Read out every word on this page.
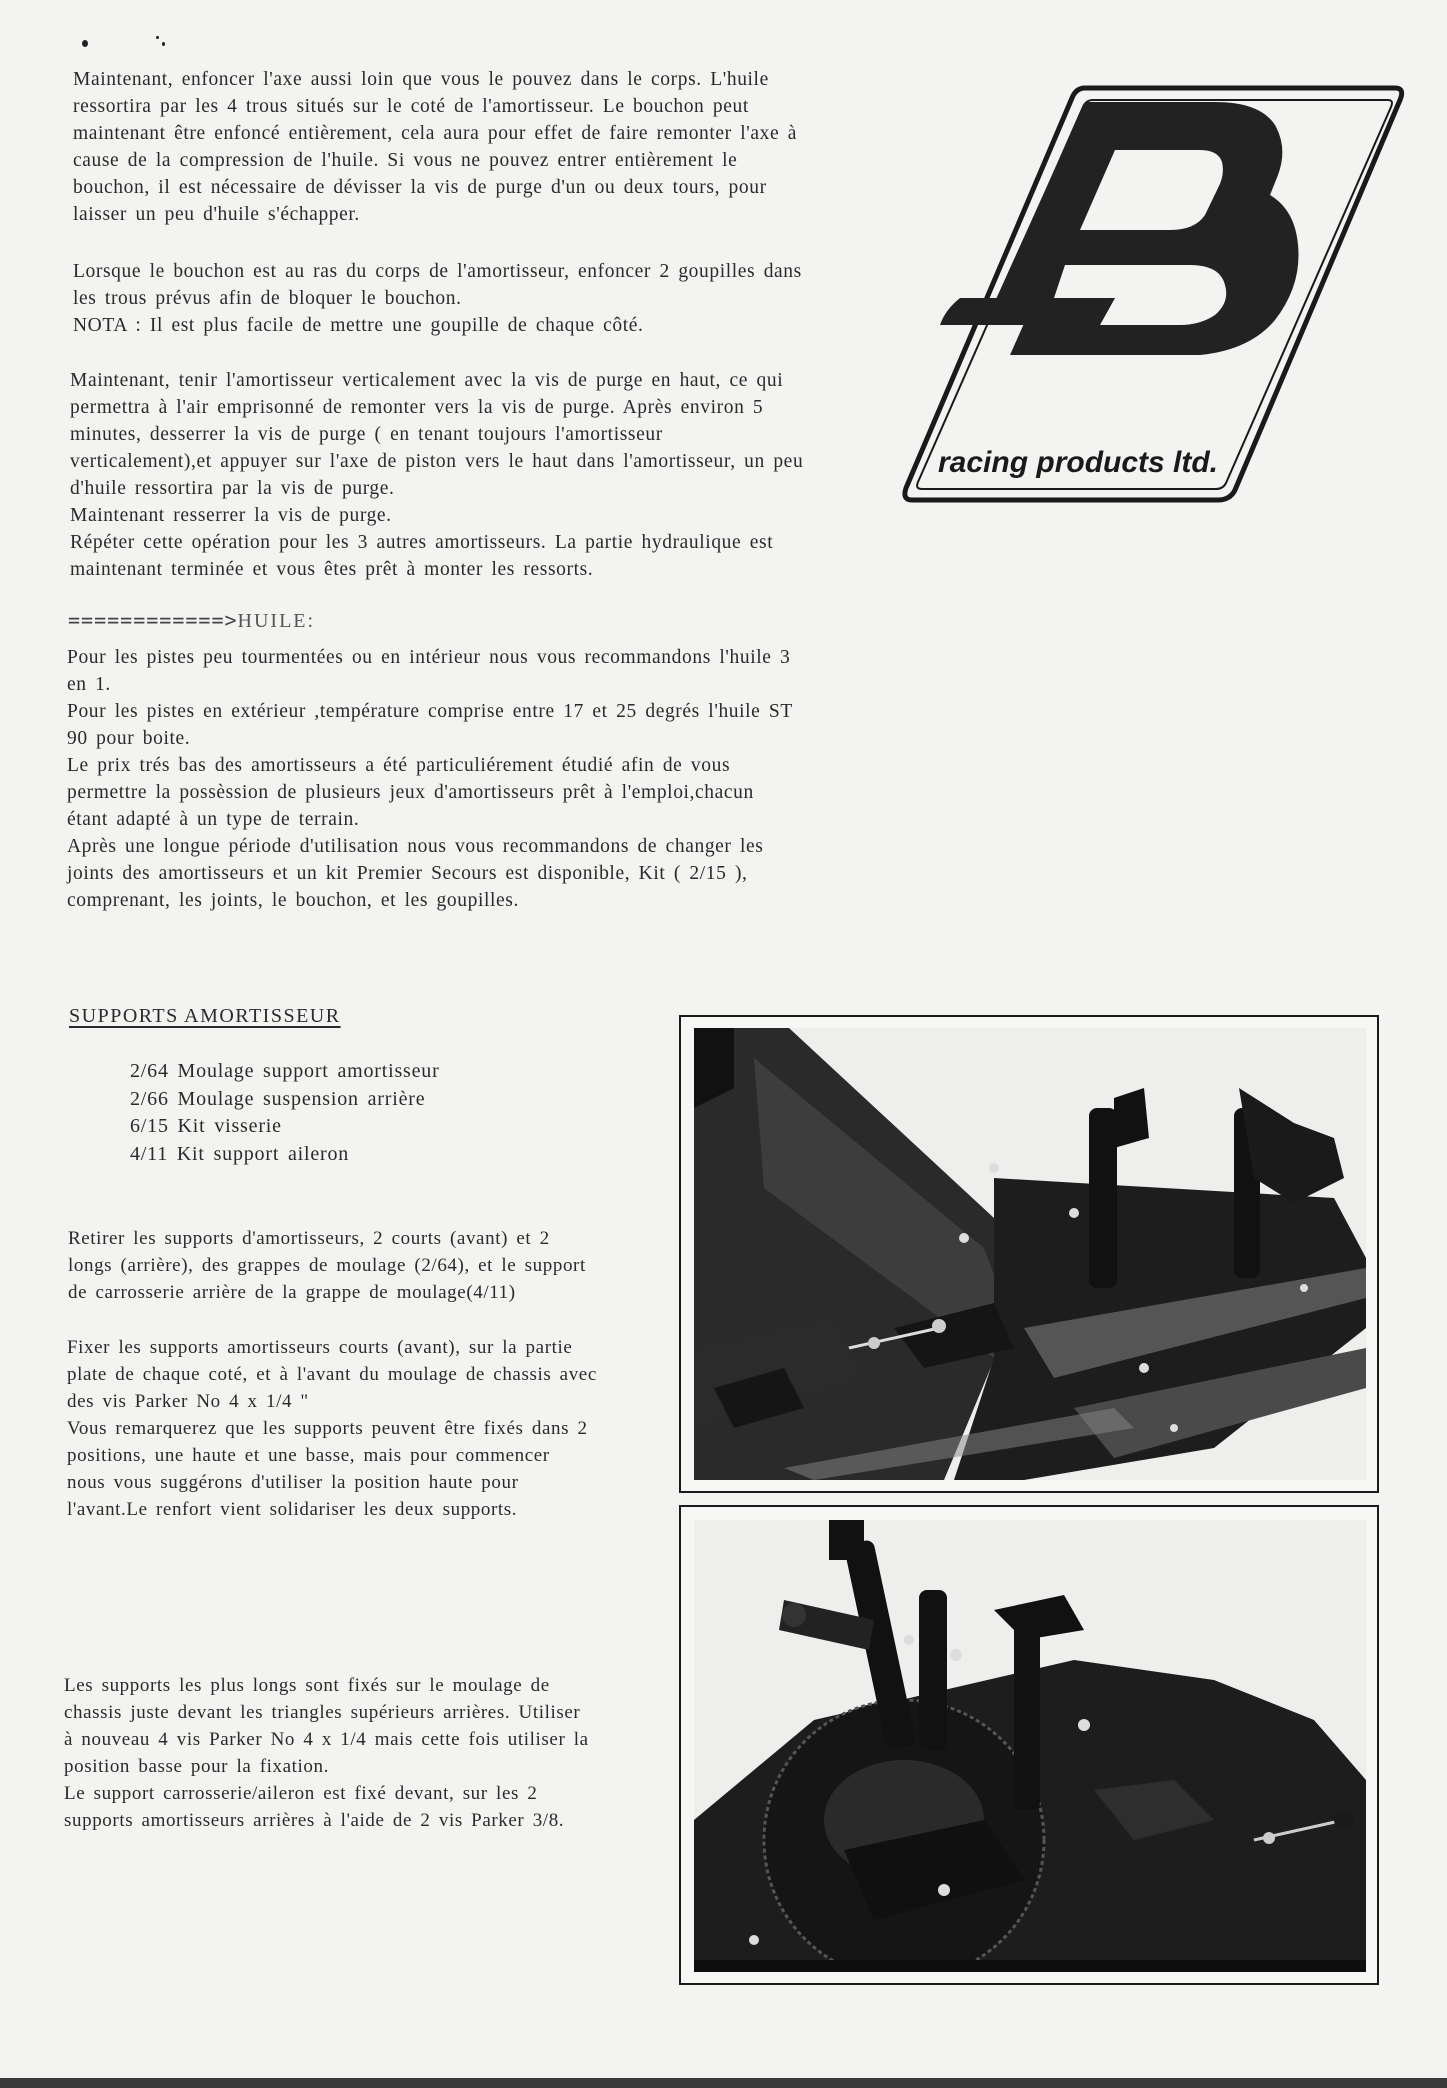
Maintenant, enfoncer l'axe aussi loin que vous le pouvez dans le corps. L'huile
ressortira par les 4 trous situés sur le coté de l'amortisseur. Le bouchon peut
maintenant être enfoncé entièrement, cela aura pour effet de faire remonter l'axe à
cause de la compression de l'huile. Si vous ne pouvez entrer entièrement le
bouchon, il est nécessaire de dévisser la vis de purge d'un ou deux tours, pour
laisser un peu d'huile s'échapper.

Lorsque le bouchon est au ras du corps de l'amortisseur, enfoncer 2 goupilles dans
les trous prévus afin de bloquer le bouchon.
NOTA : Il est plus facile de mettre une goupille de chaque côté.

Maintenant, tenir l'amortisseur verticalement avec la vis de purge en haut, ce qui
permettra à l'air emprisonné de remonter vers la vis de purge. Après environ 5
minutes, desserrer la vis de purge ( en tenant toujours l'amortisseur
verticalement),et appuyer sur l'axe de piston vers le haut dans l'amortisseur, un peu
d'huile ressortira par la vis de purge.
Maintenant resserrer la vis de purge.
Répéter cette opération pour les 3 autres amortisseurs. La partie hydraulique est
maintenant terminée et vous êtes prêt à monter les ressorts.

racing products ltd.
============>HUILE:

Pour les pistes peu tourmentées ou en intérieur nous vous recommandons l'huile 3
en 1.
Pour les pistes en extérieur ,température comprise entre 17 et 25 degrés l'huile ST
90 pour boite.
Le prix trés bas des amortisseurs a été particuliérement étudié afin de vous
permettre la possèssion de plusieurs jeux d'amortisseurs prêt à l'emploi,chacun
étant adapté à un type de terrain.
Après une longue période d'utilisation nous vous recommandons de changer les
joints des amortisseurs et un kit Premier Secours est disponible, Kit ( 2/15 ),
comprenant, les joints, le bouchon, et les goupilles.

SUPPORTS AMORTISSEUR
2/64 Moulage support amortisseur
2/66 Moulage suspension arrière
6/15 Kit visserie
4/11 Kit support aileron

Retirer les supports d'amortisseurs, 2 courts (avant) et 2
longs (arrière), des grappes de moulage (2/64), et le support
de carrosserie arrière de la grappe de moulage(4/11)

Fixer les supports amortisseurs courts (avant), sur la partie
plate de chaque coté, et à l'avant du moulage de chassis avec
des vis Parker No 4 x 1/4 "
Vous remarquerez que les supports peuvent être fixés dans 2
positions, une haute et une basse, mais pour commencer
nous vous suggérons d'utiliser la position haute pour
l'avant.Le renfort vient solidariser les deux supports.

Les supports les plus longs sont fixés sur le moulage de
chassis juste devant les triangles supérieurs arrières. Utiliser
à nouveau 4 vis Parker No 4 x 1/4 mais cette fois utiliser la
position basse pour la fixation.
Le support carrosserie/aileron est fixé devant, sur les 2
supports amortisseurs arrières à l'aide de 2 vis Parker 3/8.
